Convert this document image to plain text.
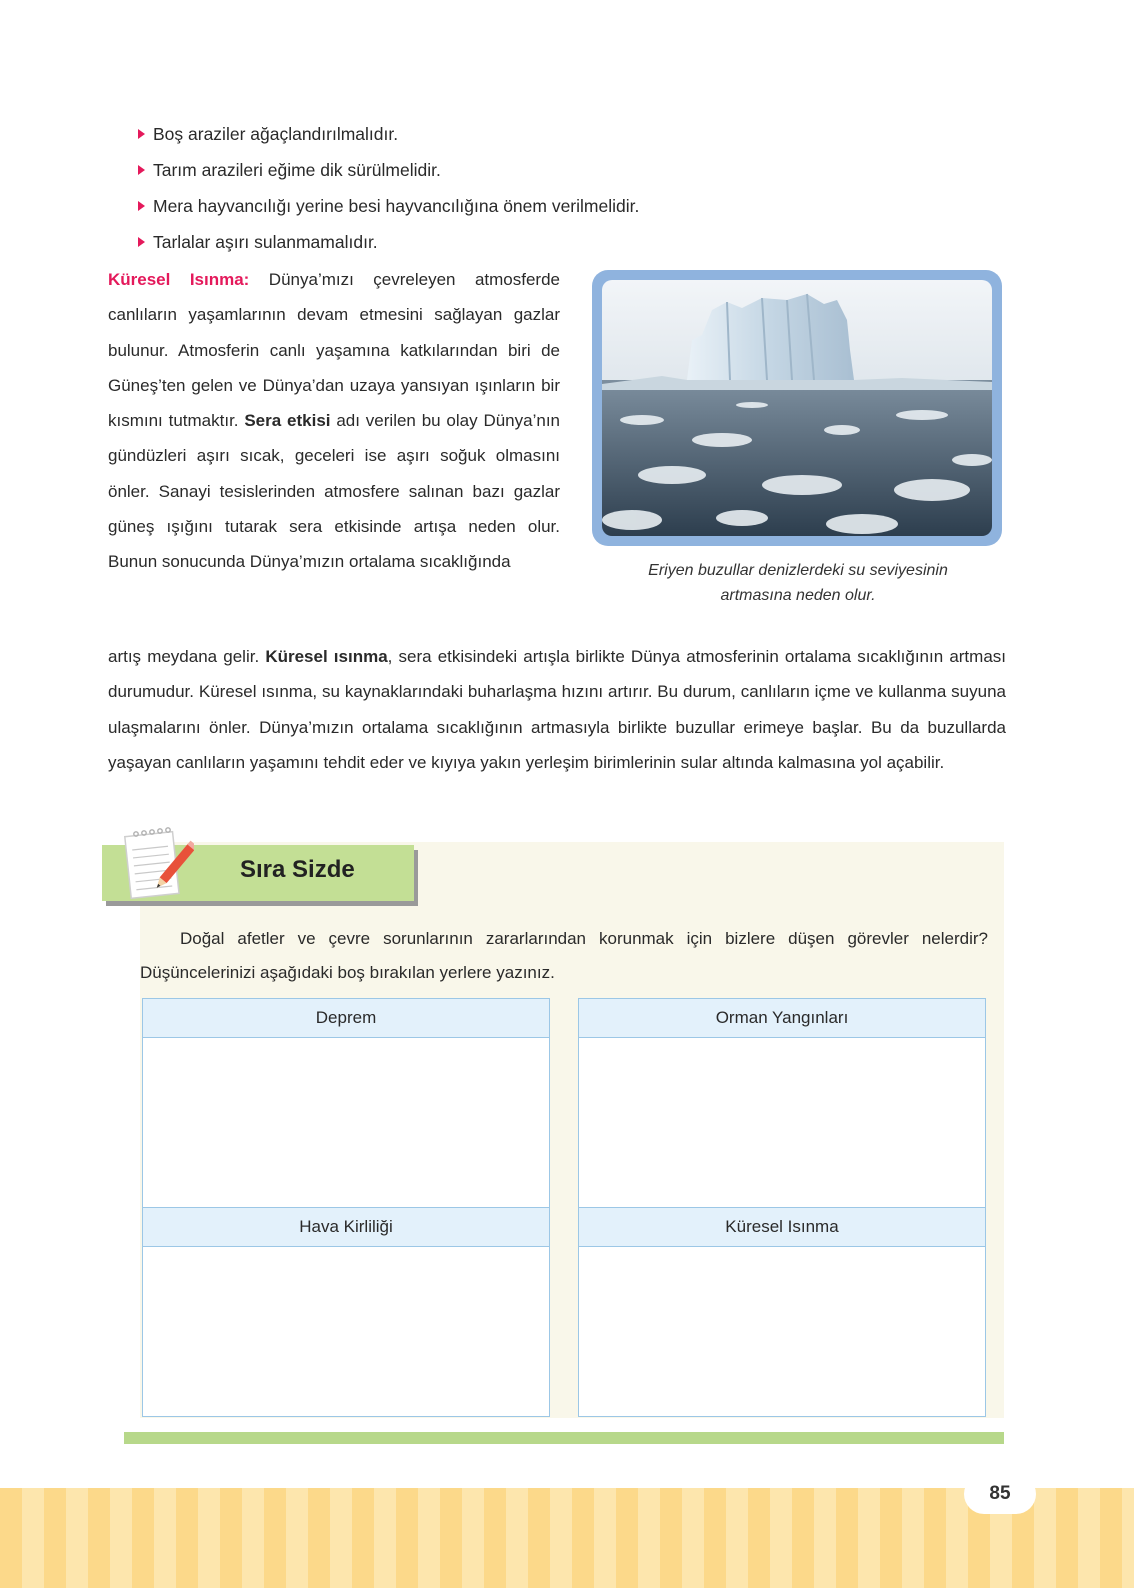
Boş araziler ağaçlandırılmalıdır.
Tarım arazileri eğime dik sürülmelidir.
Mera hayvancılığı yerine besi hayvancılığına önem verilmelidir.
Tarlalar aşırı sulanmamalıdır.

Küresel Isınma: Dünya’mızı çevreleyen atmosferde canlıların yaşamlarının devam etmesini sağlayan gazlar bulunur. Atmosferin canlı yaşamına katkılarından biri de Güneş’ten gelen ve Dünya’dan uzaya yansıyan ışınların bir kısmını tutmaktır. Sera etkisi adı verilen bu olay Dünya’nın gündüzleri aşırı sıcak, geceleri ise aşırı soğuk olmasını önler. Sanayi tesislerinden atmosfere salınan bazı gazlar güneş ışığını tutarak sera etkisinde artışa neden olur. Bunun sonucunda Dünya’mızın ortalama sıcaklığında	Eriyen buzullar denizlerdeki su seviyesinin
artmasına neden olur.

artış meydana gelir. Küresel ısınma, sera etkisindeki artışla birlikte Dünya atmosferinin ortalama sıcaklığının artması durumudur. Küresel ısınma, su kaynaklarındaki buharlaşma hızını artırır. Bu durum, canlıların içme ve kullanma suyuna ulaşmalarını önler. Dünya’mızın ortalama sıcaklığının artmasıyla birlikte buzullar erimeye başlar. Bu da buzullarda yaşayan canlıların yaşamını tehdit eder ve kıyıya yakın yerleşim birimlerinin sular altında kalmasına yol açabilir.

Sıra Sizde

Doğal afetler ve çevre sorunlarının zararlarından korunmak için bizlere düşen görevler nelerdir? Düşüncelerinizi aşağıdaki boş bırakılan yerlere yazınız.

Deprem	Orman Yangınları
Hava Kirliliği	Küresel Isınma
85
